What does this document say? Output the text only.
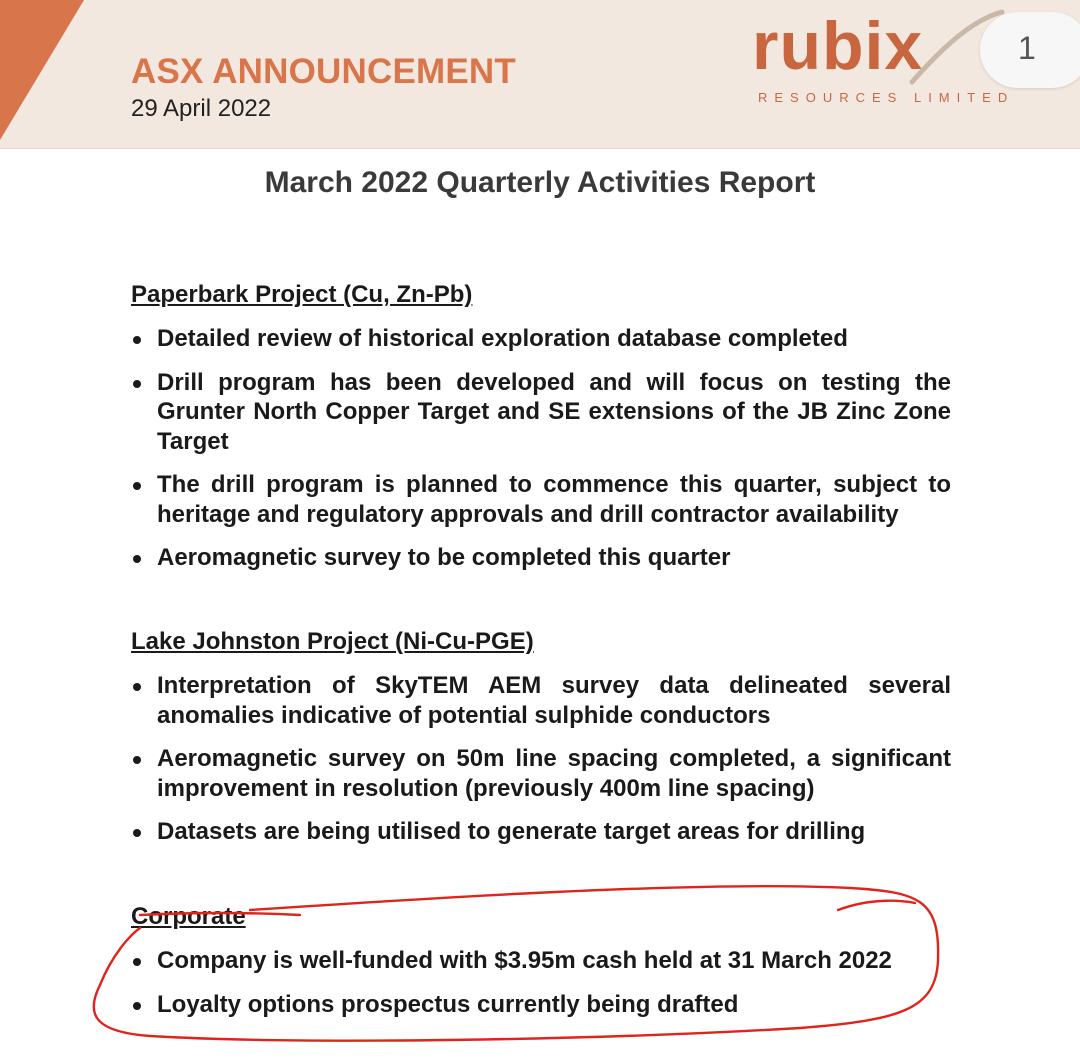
ASX ANNOUNCEMENT
29 April 2022
rubix
RESOURCES LIMITED
1
March 2022 Quarterly Activities Report
Paperbark Project (Cu, Zn-Pb)
Detailed review of historical exploration database completed
Drill program has been developed and will focus on testing the Grunter North Copper Target and SE extensions of the JB Zinc Zone Target
The drill program is planned to commence this quarter, subject to heritage and regulatory approvals and drill contractor availability
Aeromagnetic survey to be completed this quarter
Lake Johnston Project (Ni-Cu-PGE)
Interpretation of SkyTEM AEM survey data delineated several anomalies indicative of potential sulphide conductors
Aeromagnetic survey on 50m line spacing completed, a significant improvement in resolution (previously 400m line spacing)
Datasets are being utilised to generate target areas for drilling
Corporate
Company is well-funded with $3.95m cash held at 31 March 2022
Loyalty options prospectus currently being drafted
